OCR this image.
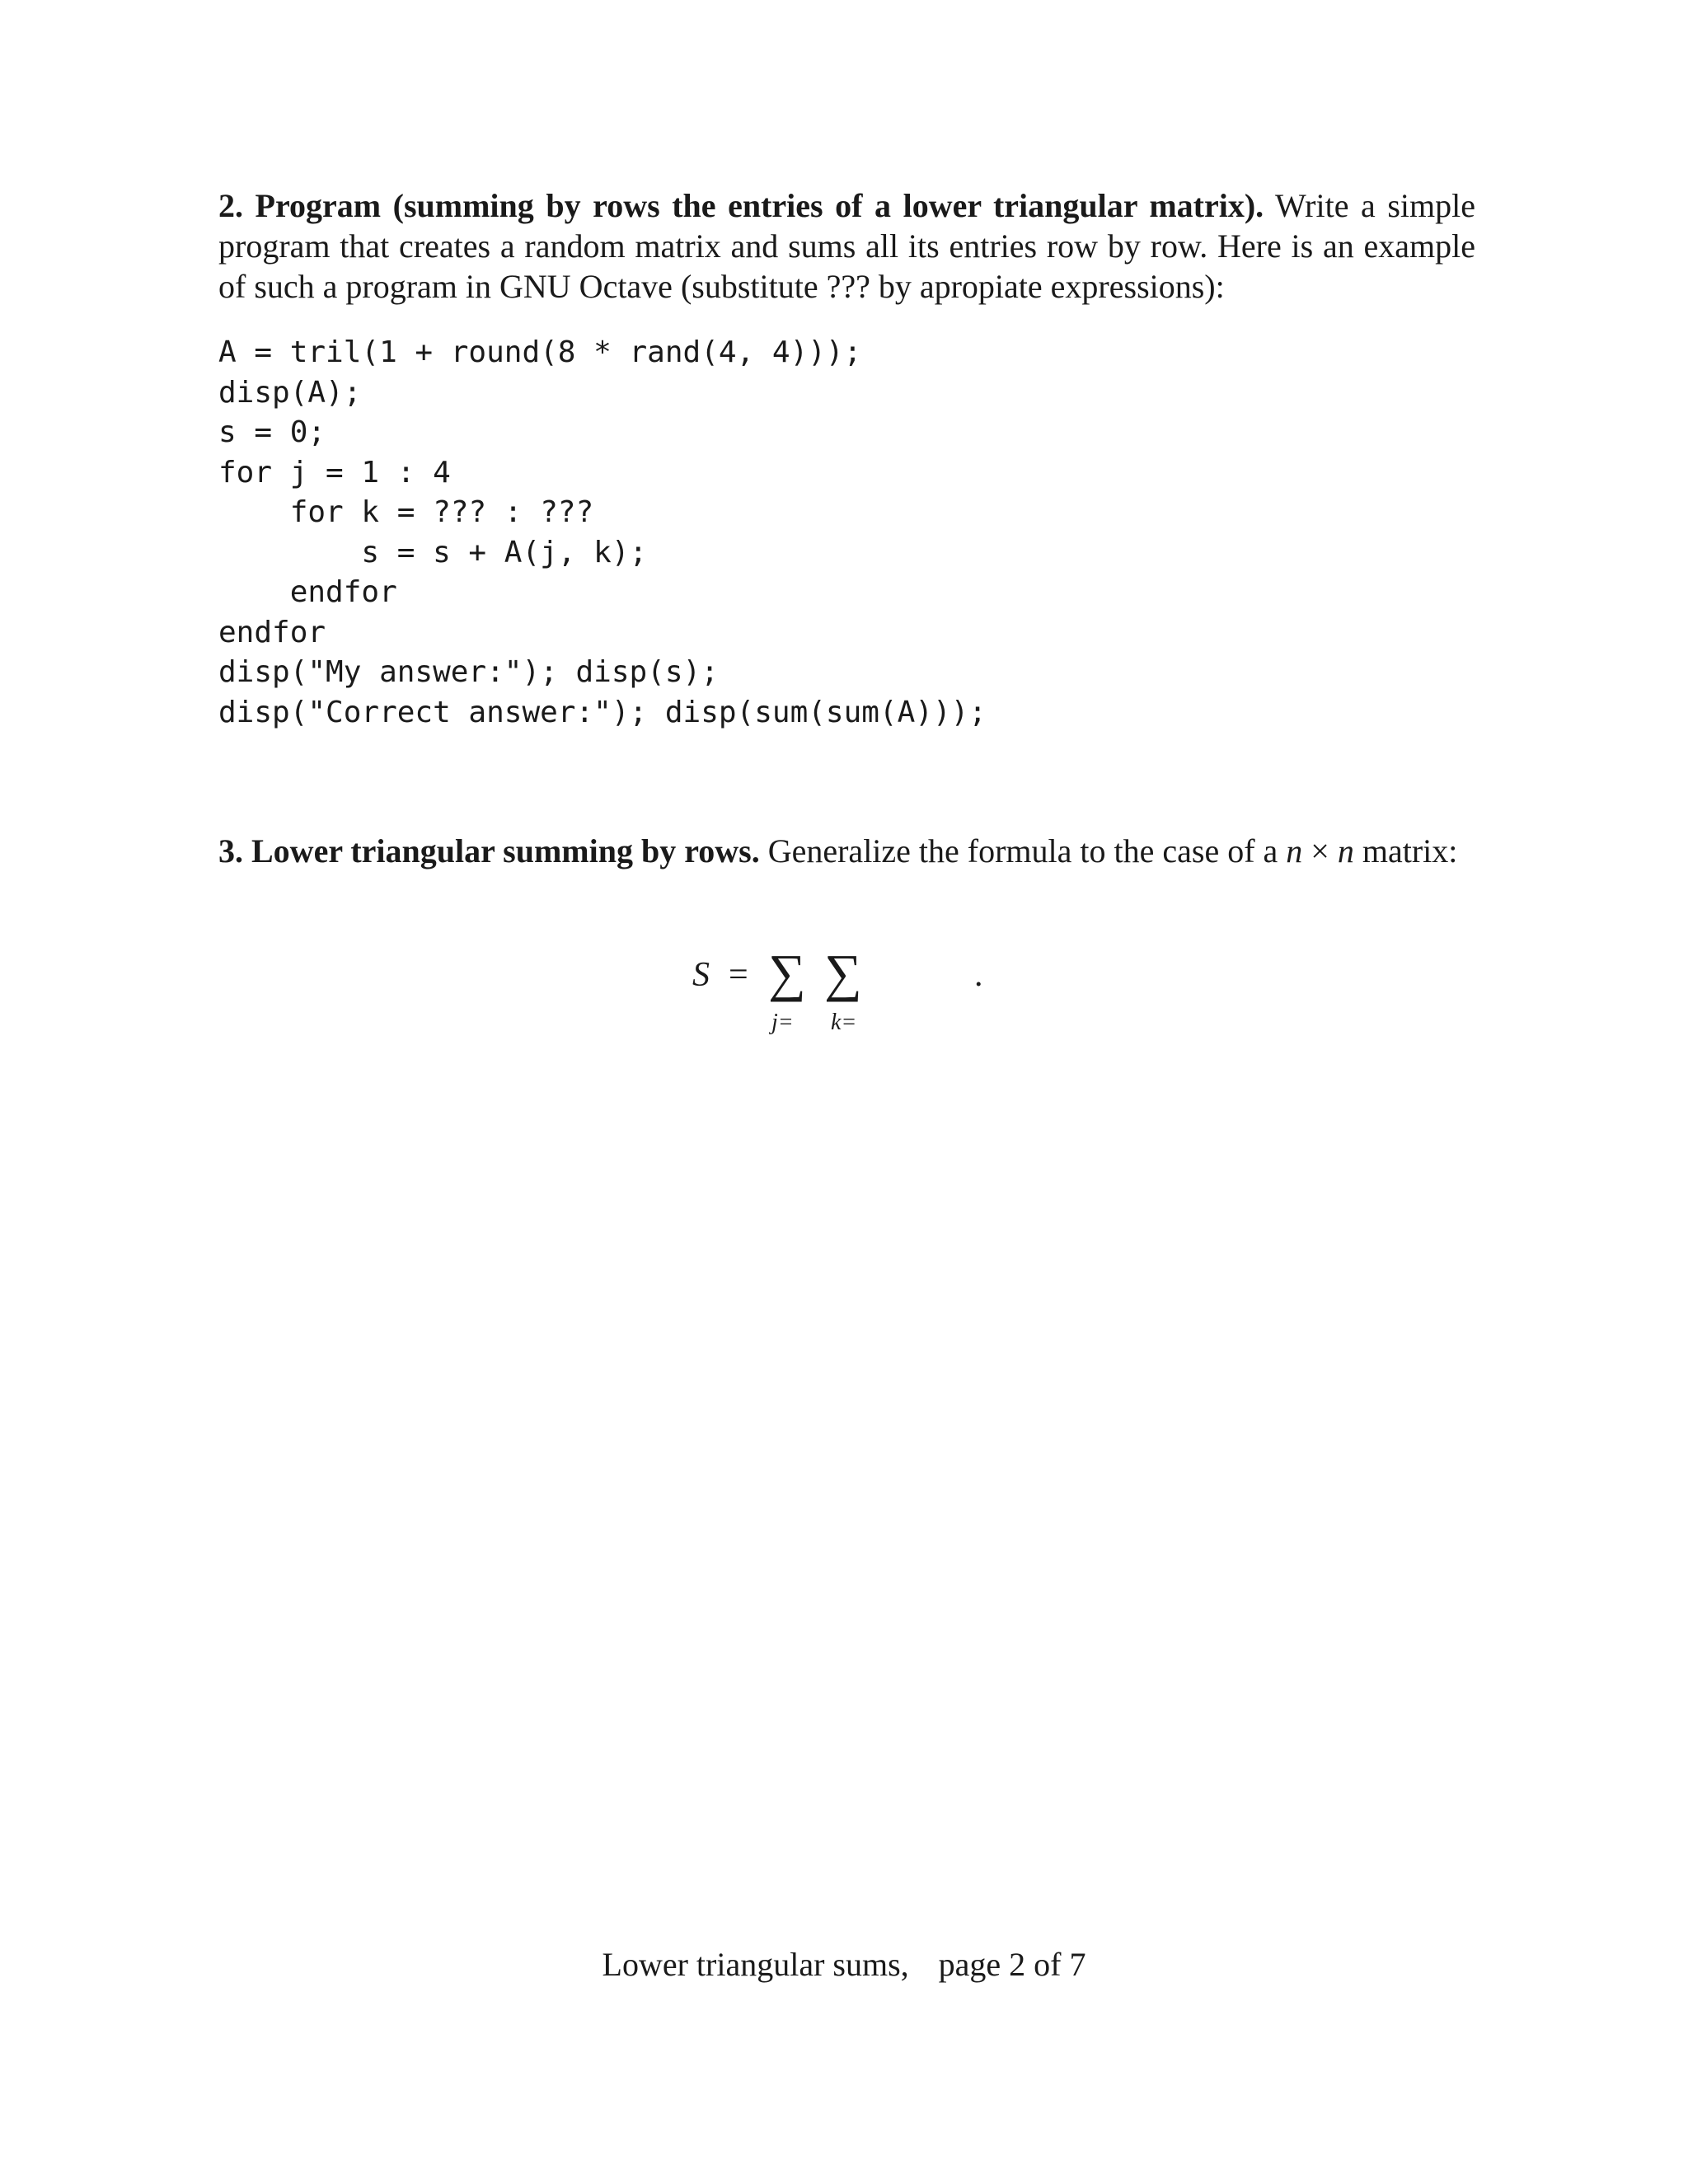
2. Program (summing by rows the entries of a lower triangular matrix). Write a simple program that creates a random matrix and sums all its entries row by row. Here is an example of such a program in GNU Octave (substitute ??? by apropiate expressions):

A = tril(1 + round(8 * rand(4, 4)));
disp(A);
s = 0;
for j = 1 : 4
for k = ??? : ???
s = s + A(j, k);
endfor
endfor
disp("My answer:"); disp(s);
disp("Correct answer:"); disp(sum(sum(A)));

3. Lower triangular summing by rows. Generalize the formula to the case of a n × n matrix:

S = ∑ ∑
j= k=
.
Lower triangular sums, page 2 of 7
